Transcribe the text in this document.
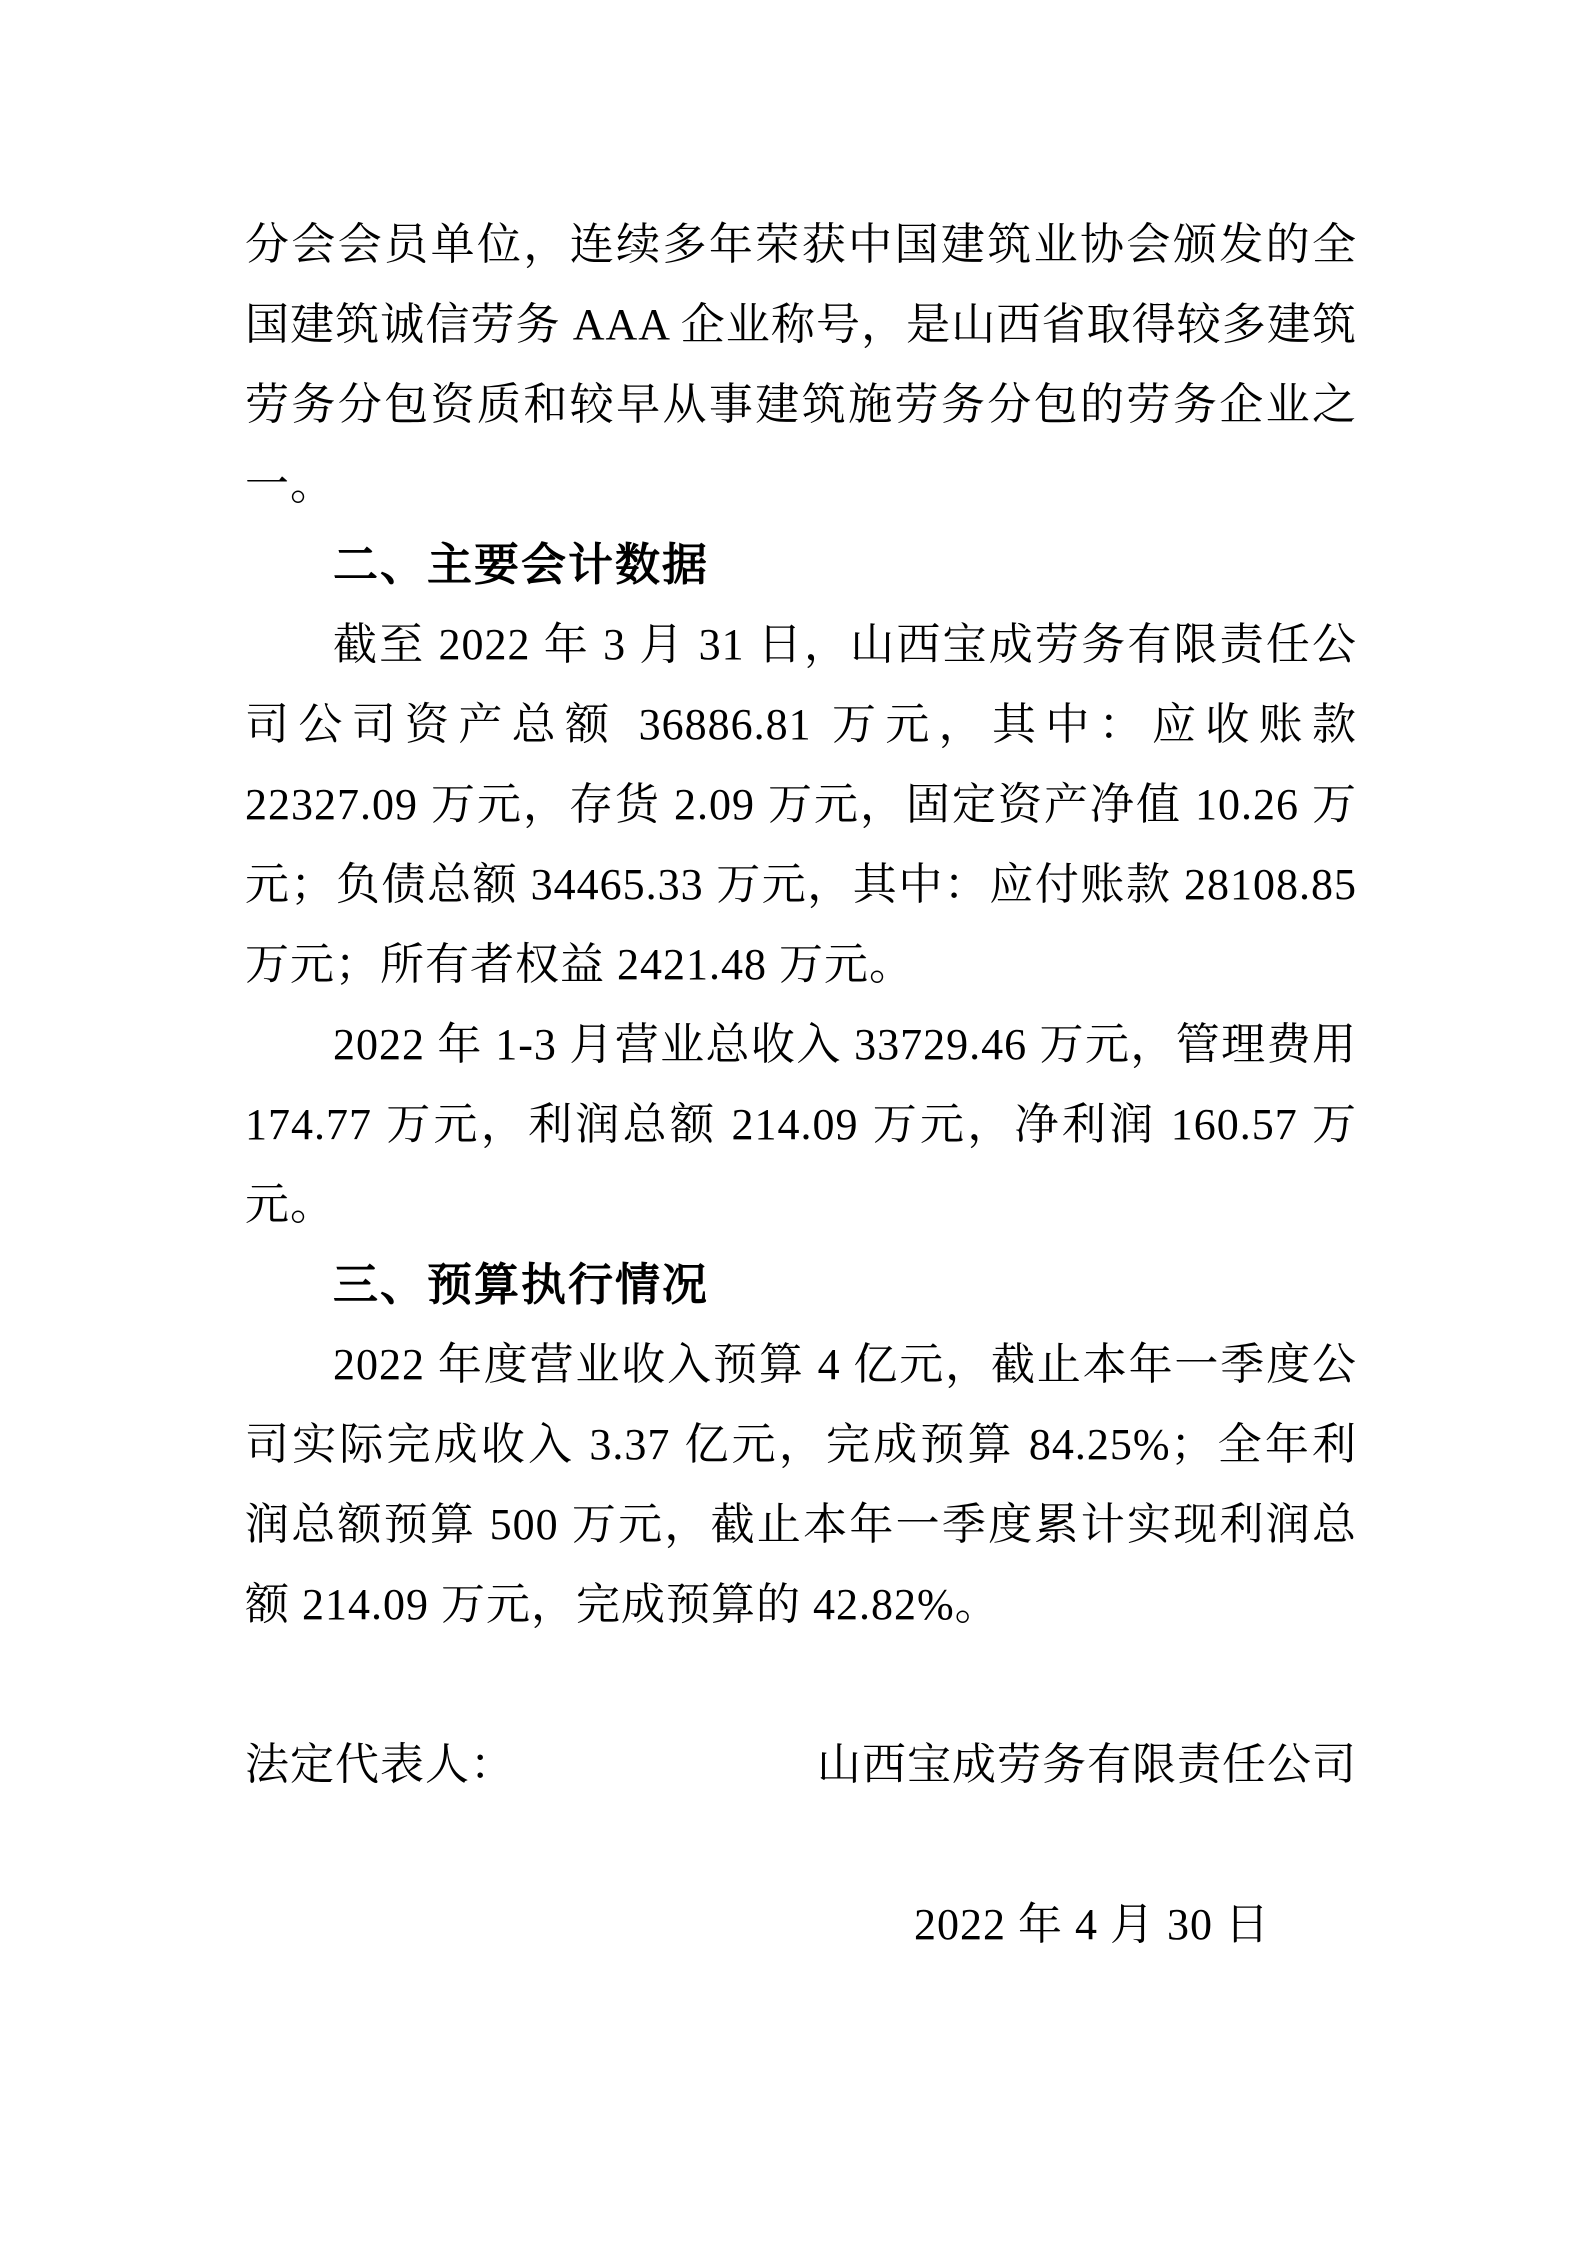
分会会员单位，连续多年荣获中国建筑业协会颁发的全国建筑诚信劳务 AAA 企业称号，是山西省取得较多建筑劳务分包资质和较早从事建筑施劳务分包的劳务企业之一。

二、主要会计数据

截至 2022 年 3 月 31 日，山西宝成劳务有限责任公司公司资产总额 36886.81 万元，其中：应收账款 22327.09 万元，存货 2.09 万元，固定资产净值 10.26 万元；负债总额 34465.33 万元，其中：应付账款 28108.85 万元；所有者权益 2421.48 万元。

2022 年 1-3 月营业总收入 33729.46 万元，管理费用 174.77 万元，利润总额 214.09 万元，净利润 160.57 万元。

三、预算执行情况

2022 年度营业收入预算 4 亿元，截止本年一季度公司实际完成收入 3.37 亿元，完成预算 84.25%；全年利润总额预算 500 万元，截止本年一季度累计实现利润总额 214.09 万元，完成预算的 42.82%。

法定代表人：	山西宝成劳务有限责任公司
2022 年 4 月 30 日
